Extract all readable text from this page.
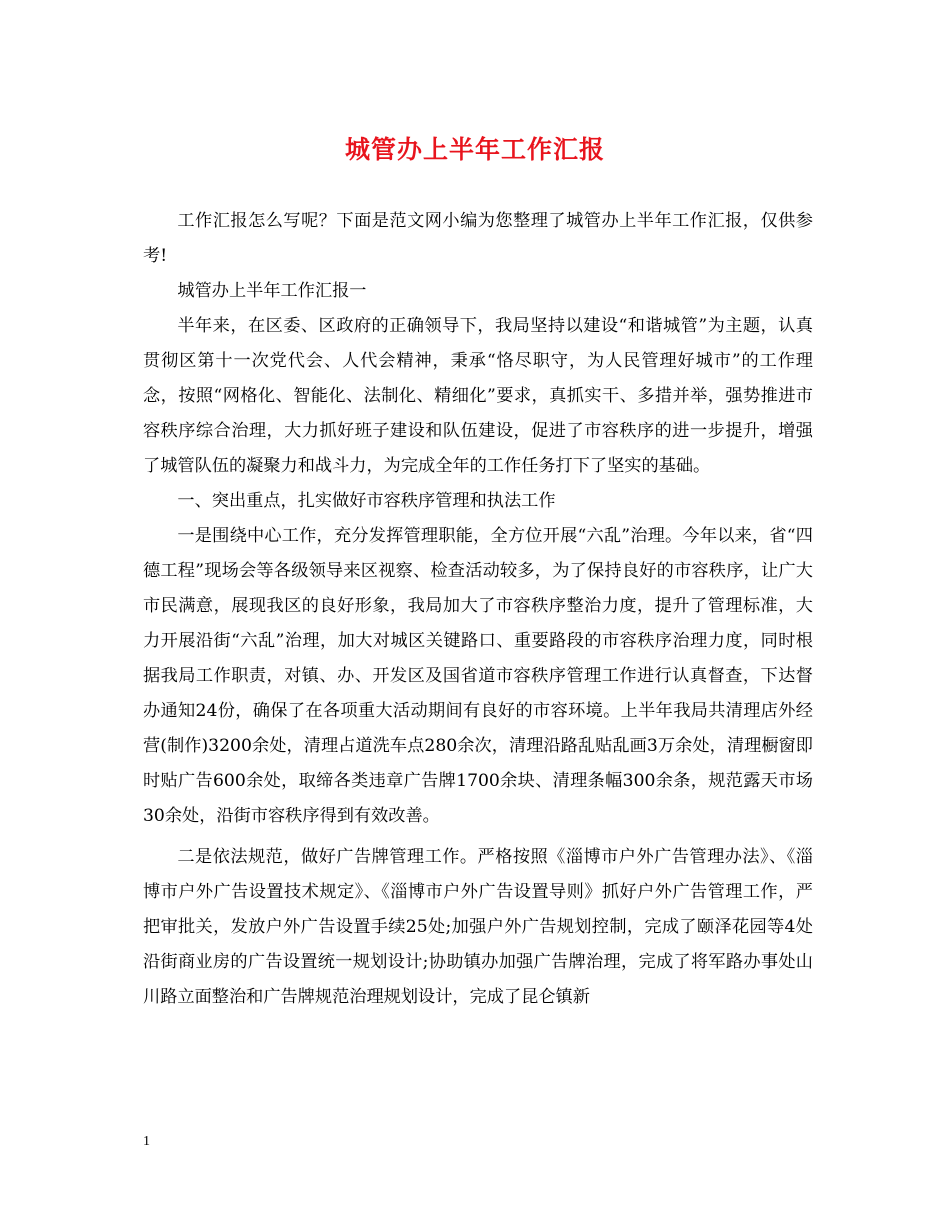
城管办上半年工作汇报

工作汇报怎么写呢？下面是范文网小编为您整理了城管办上半年工作汇报，仅供参考!

城管办上半年工作汇报一

半年来，在区委、区政府的正确领导下，我局坚持以建设“和谐城管”为主题，认真贯彻区第十一次党代会、人代会精神，秉承“恪尽职守，为人民管理好城市”的工作理念，按照“网格化、智能化、法制化、精细化”要求，真抓实干、多措并举，强势推进市容秩序综合治理，大力抓好班子建设和队伍建设，促进了市容秩序的进一步提升，增强了城管队伍的凝聚力和战斗力，为完成全年的工作任务打下了坚实的基础。

一、突出重点，扎实做好市容秩序管理和执法工作

一是围绕中心工作，充分发挥管理职能，全方位开展“六乱”治理。今年以来，省“四德工程”现场会等各级领导来区视察、检查活动较多，为了保持良好的市容秩序，让广大市民满意，展现我区的良好形象，我局加大了市容秩序整治力度，提升了管理标准，大力开展沿街“六乱”治理，加大对城区关键路口、重要路段的市容秩序治理力度，同时根据我局工作职责，对镇、办、开发区及国省道市容秩序管理工作进行认真督查，下达督办通知24份，确保了在各项重大活动期间有良好的市容环境。上半年我局共清理店外经营(制作)3200余处，清理占道洗车点280余次，清理沿路乱贴乱画3万余处，清理橱窗即时贴广告600余处，取缔各类违章广告牌1700余块、清理条幅300余条，规范露天市场30余处，沿街市容秩序得到有效改善。

二是依法规范，做好广告牌管理工作。严格按照《淄博市户外广告管理办法》、《淄博市户外广告设置技术规定》、《淄博市户外广告设置导则》抓好户外广告管理工作，严把审批关，发放户外广告设置手续25处;加强户外广告规划控制，完成了颐泽花园等4处沿街商业房的广告设置统一规划设计;协助镇办加强广告牌治理，完成了将军路办事处山川路立面整治和广告牌规范治理规划设计，完成了昆仑镇新

1
